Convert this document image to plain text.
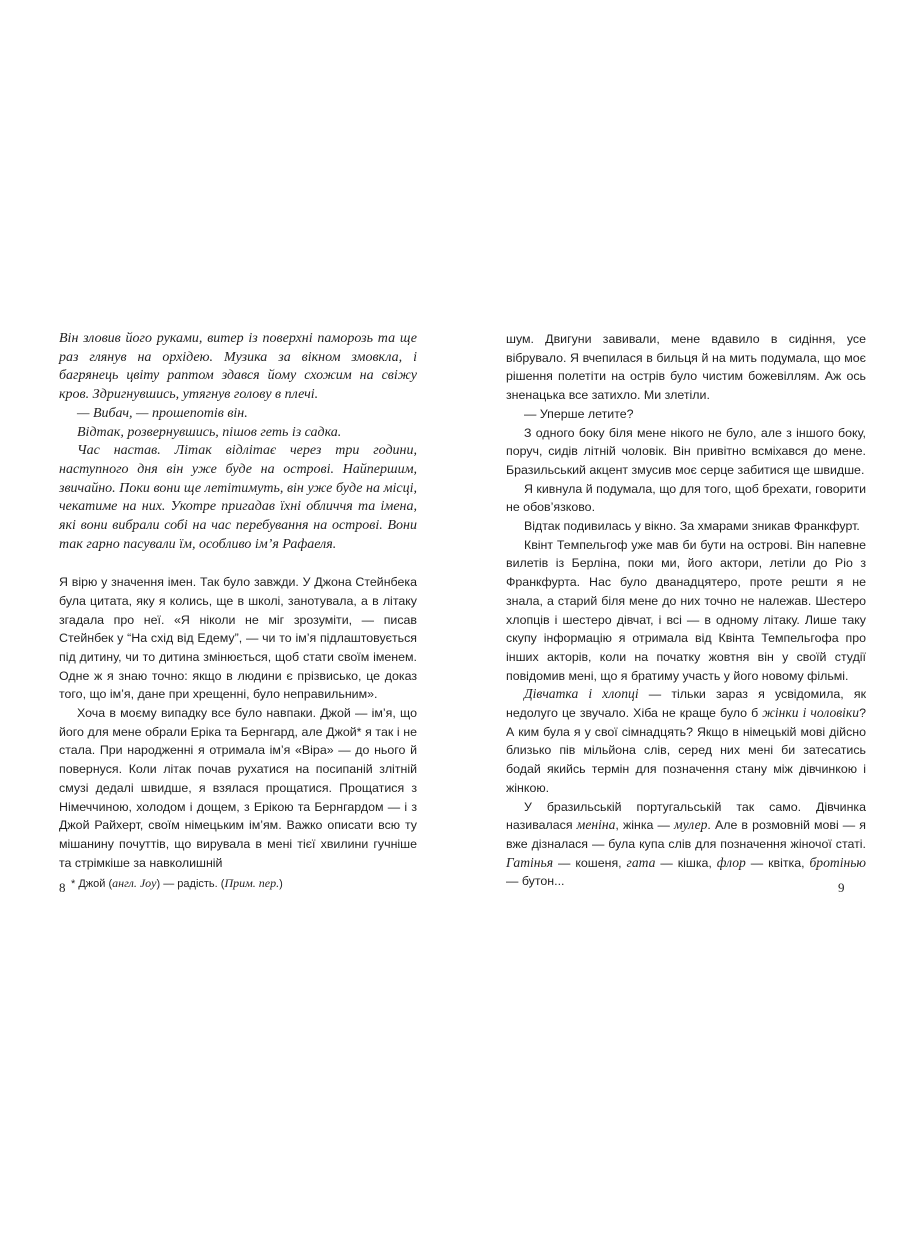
Він зловив його руками, витер із поверхні паморозь та ще раз глянув на орхідею. Музика за вікном змовкла, і багрянець цвіту раптом здався йому схожим на свіжу кров. Здригнувшись, утягнув голову в плечі.

— Вибач, — прошепотів він.

Відтак, розвернувшись, пішов геть із садка.

Час настав. Літак відлітає через три години, наступного дня він уже буде на острові. Найпершим, звичайно. Поки вони ще летітимуть, він уже буде на місці, чекатиме на них. Укотре пригадав їхні обличчя та імена, які вони вибрали собі на час перебування на острові. Вони так гарно пасували їм, особливо ім’я Рафаеля.

Я вірю у значення імен. Так було завжди. У Джона Стейнбека була цитата, яку я колись, ще в школі, занотувала, а в літаку згадала про неї. «Я ніколи не міг зрозуміти, — писав Стейнбек у “На схід від Едему”, — чи то ім’я підлаштовується під дитину, чи то дитина змінюється, щоб стати своїм іменем. Одне ж я знаю точно: якщо в людини є прізвисько, це доказ того, що ім’я, дане при хрещенні, було неправильним».

Хоча в моєму випадку все було навпаки. Джой — ім’я, що його для мене обрали Еріка та Бернгард, але Джой* я так і не стала. При народженні я отримала ім’я «Віра» — до нього й повернуся. Коли літак почав рухатися на посипаній злітній смузі дедалі швидше, я взялася прощатися. Прощатися з Німеччиною, холодом і дощем, з Ерікою та Бернгардом — і з Джой Райхерт, своїм німецьким ім’ям. Важко описати всю ту мішанину почуттів, що вирувала в мені тієї хвилини гучніше та стрімкіше за навколишній

* Джой (англ. Joy) — радість. (Прим. пер.)

шум. Двигуни завивали, мене вдавило в сидіння, усе вібрувало. Я вчепилася в бильця й на мить подумала, що моє рішення полетіти на острів було чистим божевіллям. Аж ось зненацька все затихло. Ми злетіли.

— Уперше летите?

З одного боку біля мене нікого не було, але з іншого боку, поруч, сидів літній чоловік. Він привітно всміхався до мене. Бразильський акцент змусив моє серце забитися ще швидше.

Я кивнула й подумала, що для того, щоб брехати, говорити не обов’язково.

Відтак подивилась у вікно. За хмарами зникав Франкфурт.

Квінт Темпельгоф уже мав би бути на острові. Він напевне вилетів із Берліна, поки ми, його актори, летіли до Ріо з Франкфурта. Нас було дванадцятеро, проте решти я не знала, а старий біля мене до них точно не належав. Шестеро хлопців і шестеро дівчат, і всі — в одному літаку. Лише таку скупу інформацію я отримала від Квінта Темпельгофа про інших акторів, коли на початку жовтня він у своїй студії повідомив мені, що я братиму участь у його новому фільмі.

Дівчатка і хлопці — тільки зараз я усвідомила, як недолуго це звучало. Хіба не краще було б жінки і чоловіки? А ким була я у свої сімнадцять? Якщо в німецькій мові дійсно близько пів мільйона слів, серед них мені би затесатись бодай якийсь термін для позначення стану між дівчинкою і жінкою.

У бразильській португальській так само. Дівчинка називалася меніна, жінка — мулер. Але в розмовній мові — я вже дізналася — була купа слів для позначення жіночої статі. Гатінья — кошеня, гата — кішка, флор — квітка, бротінью — бутон...

8	9
